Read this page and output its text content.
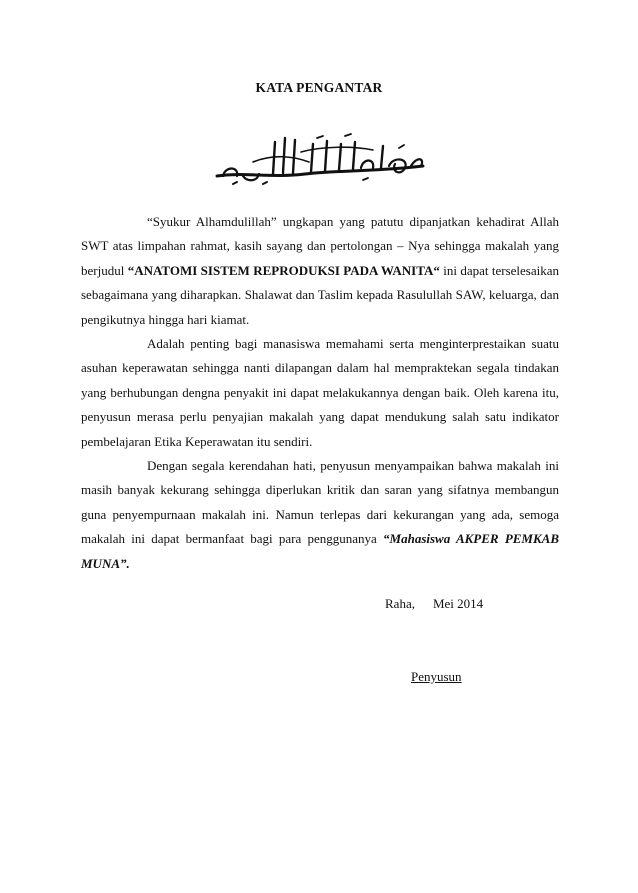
KATA PENGANTAR

“Syukur Alhamdulillah” ungkapan yang patutu dipanjatkan kehadirat Allah SWT atas limpahan rahmat, kasih sayang dan pertolongan – Nya sehingga makalah yang berjudul “ANATOMI SISTEM REPRODUKSI PADA WANITA“ ini dapat terselesaikan sebagaimana yang diharapkan. Shalawat dan Taslim kepada Rasulullah SAW, keluarga, dan pengikutnya hingga hari kiamat.

Adalah penting bagi manasiswa memahami serta menginterprestaikan suatu asuhan keperawatan sehingga nanti dilapangan dalam hal mempraktekan segala tindakan yang berhubungan dengna penyakit ini dapat melakukannya dengan baik. Oleh karena itu, penyusun merasa perlu penyajian makalah yang dapat mendukung salah satu indikator pembelajaran Etika Keperawatan itu sendiri.

Dengan segala kerendahan hati, penyusun menyampaikan bahwa makalah ini masih banyak kekurang sehingga diperlukan kritik dan saran yang sifatnya membangun guna penyempurnaan makalah ini. Namun terlepas dari kekurangan yang ada, semoga makalah ini dapat bermanfaat bagi para penggunanya “Mahasiswa AKPER PEMKAB MUNA”.

Raha, Mei 2014
Penyusun
